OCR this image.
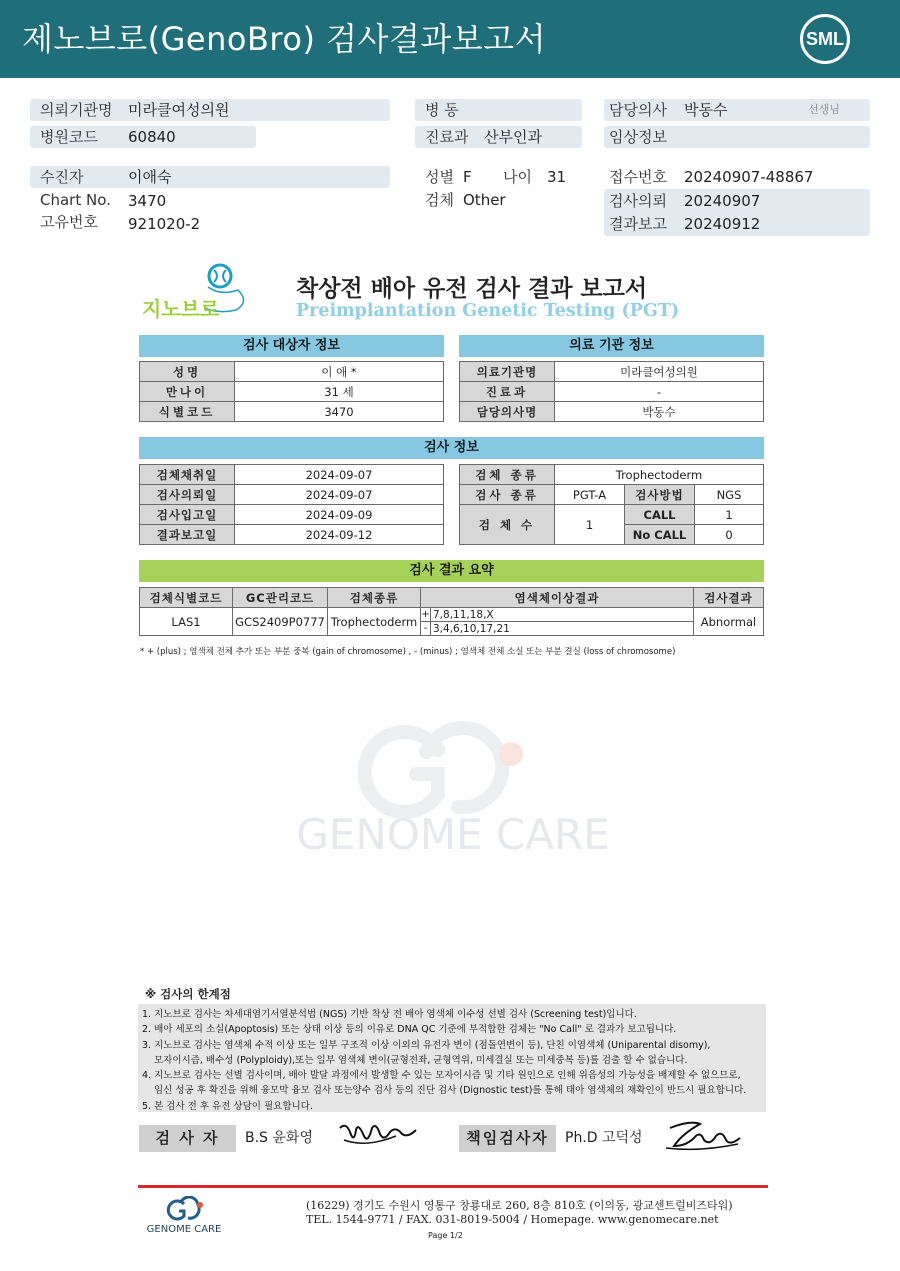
제노브로(GenoBro) 검사결과보고서	SML
의뢰기관명 미라클여성의원
병원코드 60840
수진자	이애숙
Chart No. 3470
고유번호 921020-2
병 동
진료과 산부인과
성별 F 나이 31
검체 Other
담당의사 박동수	선생님
임상정보
접수번호 20240907-48867
검사의뢰 20240907
결과보고 20240912
지노브로
착상전 배아 유전 검사 결과 보고서
Preimplantation Genetic Testing (PGT)
검사 대상자 정보	의료 기관 정보
성명	이 애 *
만나이	31 세
식별코드	3470
의료기관명	미라클여성의원
진료과	-
담당의사명	박동수
검사 정보
검체채취일	2024-09-07
검사의뢰일	2024-09-07
검사입고일	2024-09-09
결과보고일	2024-09-12
검체 종류	Trophectoderm		
검사 종류	PGT-A	검사방법	NGS
검 체 수	1	CALL	1
		No CALL	0
검사 결과 요약
검체식별코드	GC관리코드	검체종류	염색체이상결과		검사결과
LAS1	GCS2409P0777	Trophectoderm	+	7,8,11,18,X	Abnormal
			-	3,4,6,10,17,21	
* + (plus) ; 염색체 전체 추가 또는 부분 중복 (gain of chromosome) , - (minus) ; 염색체 전체 소실 또는 부분 결실 (loss of chromosome)
GENOME CARE
※ 검사의 한계점
1. 지노브로 검사는 차세대염기서열분석법 (NGS) 기반 착상 전 배아 염색체 이수성 선별 검사 (Screening test)입니다.
2. 배아 세포의 소실(Apoptosis) 또는 상태 이상 등의 이유로 DNA QC 기준에 부적합한 검체는 "No Call" 로 결과가 보고됩니다.
3. 지노브로 검사는 염색체 수적 이상 또는 일부 구조적 이상 이외의 유전자 변이 (점돌연변이 등), 단친 이염색체 (Uniparental disomy),
모자이시즘, 배수성 (Polyploidy),또는 일부 염색체 변이(균형전좌, 균형역위, 미세결실 또는 미세중복 등)를 검출 할 수 없습니다.
4. 지노브로 검사는 선별 검사이며, 배아 발달 과정에서 발생할 수 있는 모자이시즘 및 기타 원인으로 인해 위음성의 가능성을 배제할 수 없으므로,
임신 성공 후 확진을 위해 융모막 융모 검사 또는양수 검사 등의 진단 검사 (Dignostic test)를 통해 태아 염색체의 재확인이 반드시 필요합니다.
5. 본 검사 전 후 유전 상담이 필요합니다.
검 사 자	B.S 윤화영	책임검사자	Ph.D 고덕성
GENOME CARE
(16229) 경기도 수원시 영통구 창룡대로 260, 8층 810호 (이의동, 광교센트럴비즈타워)
TEL. 1544-9771 / FAX. 031-8019-5004 / Homepage. www.genomecare.net
Page 1/2
